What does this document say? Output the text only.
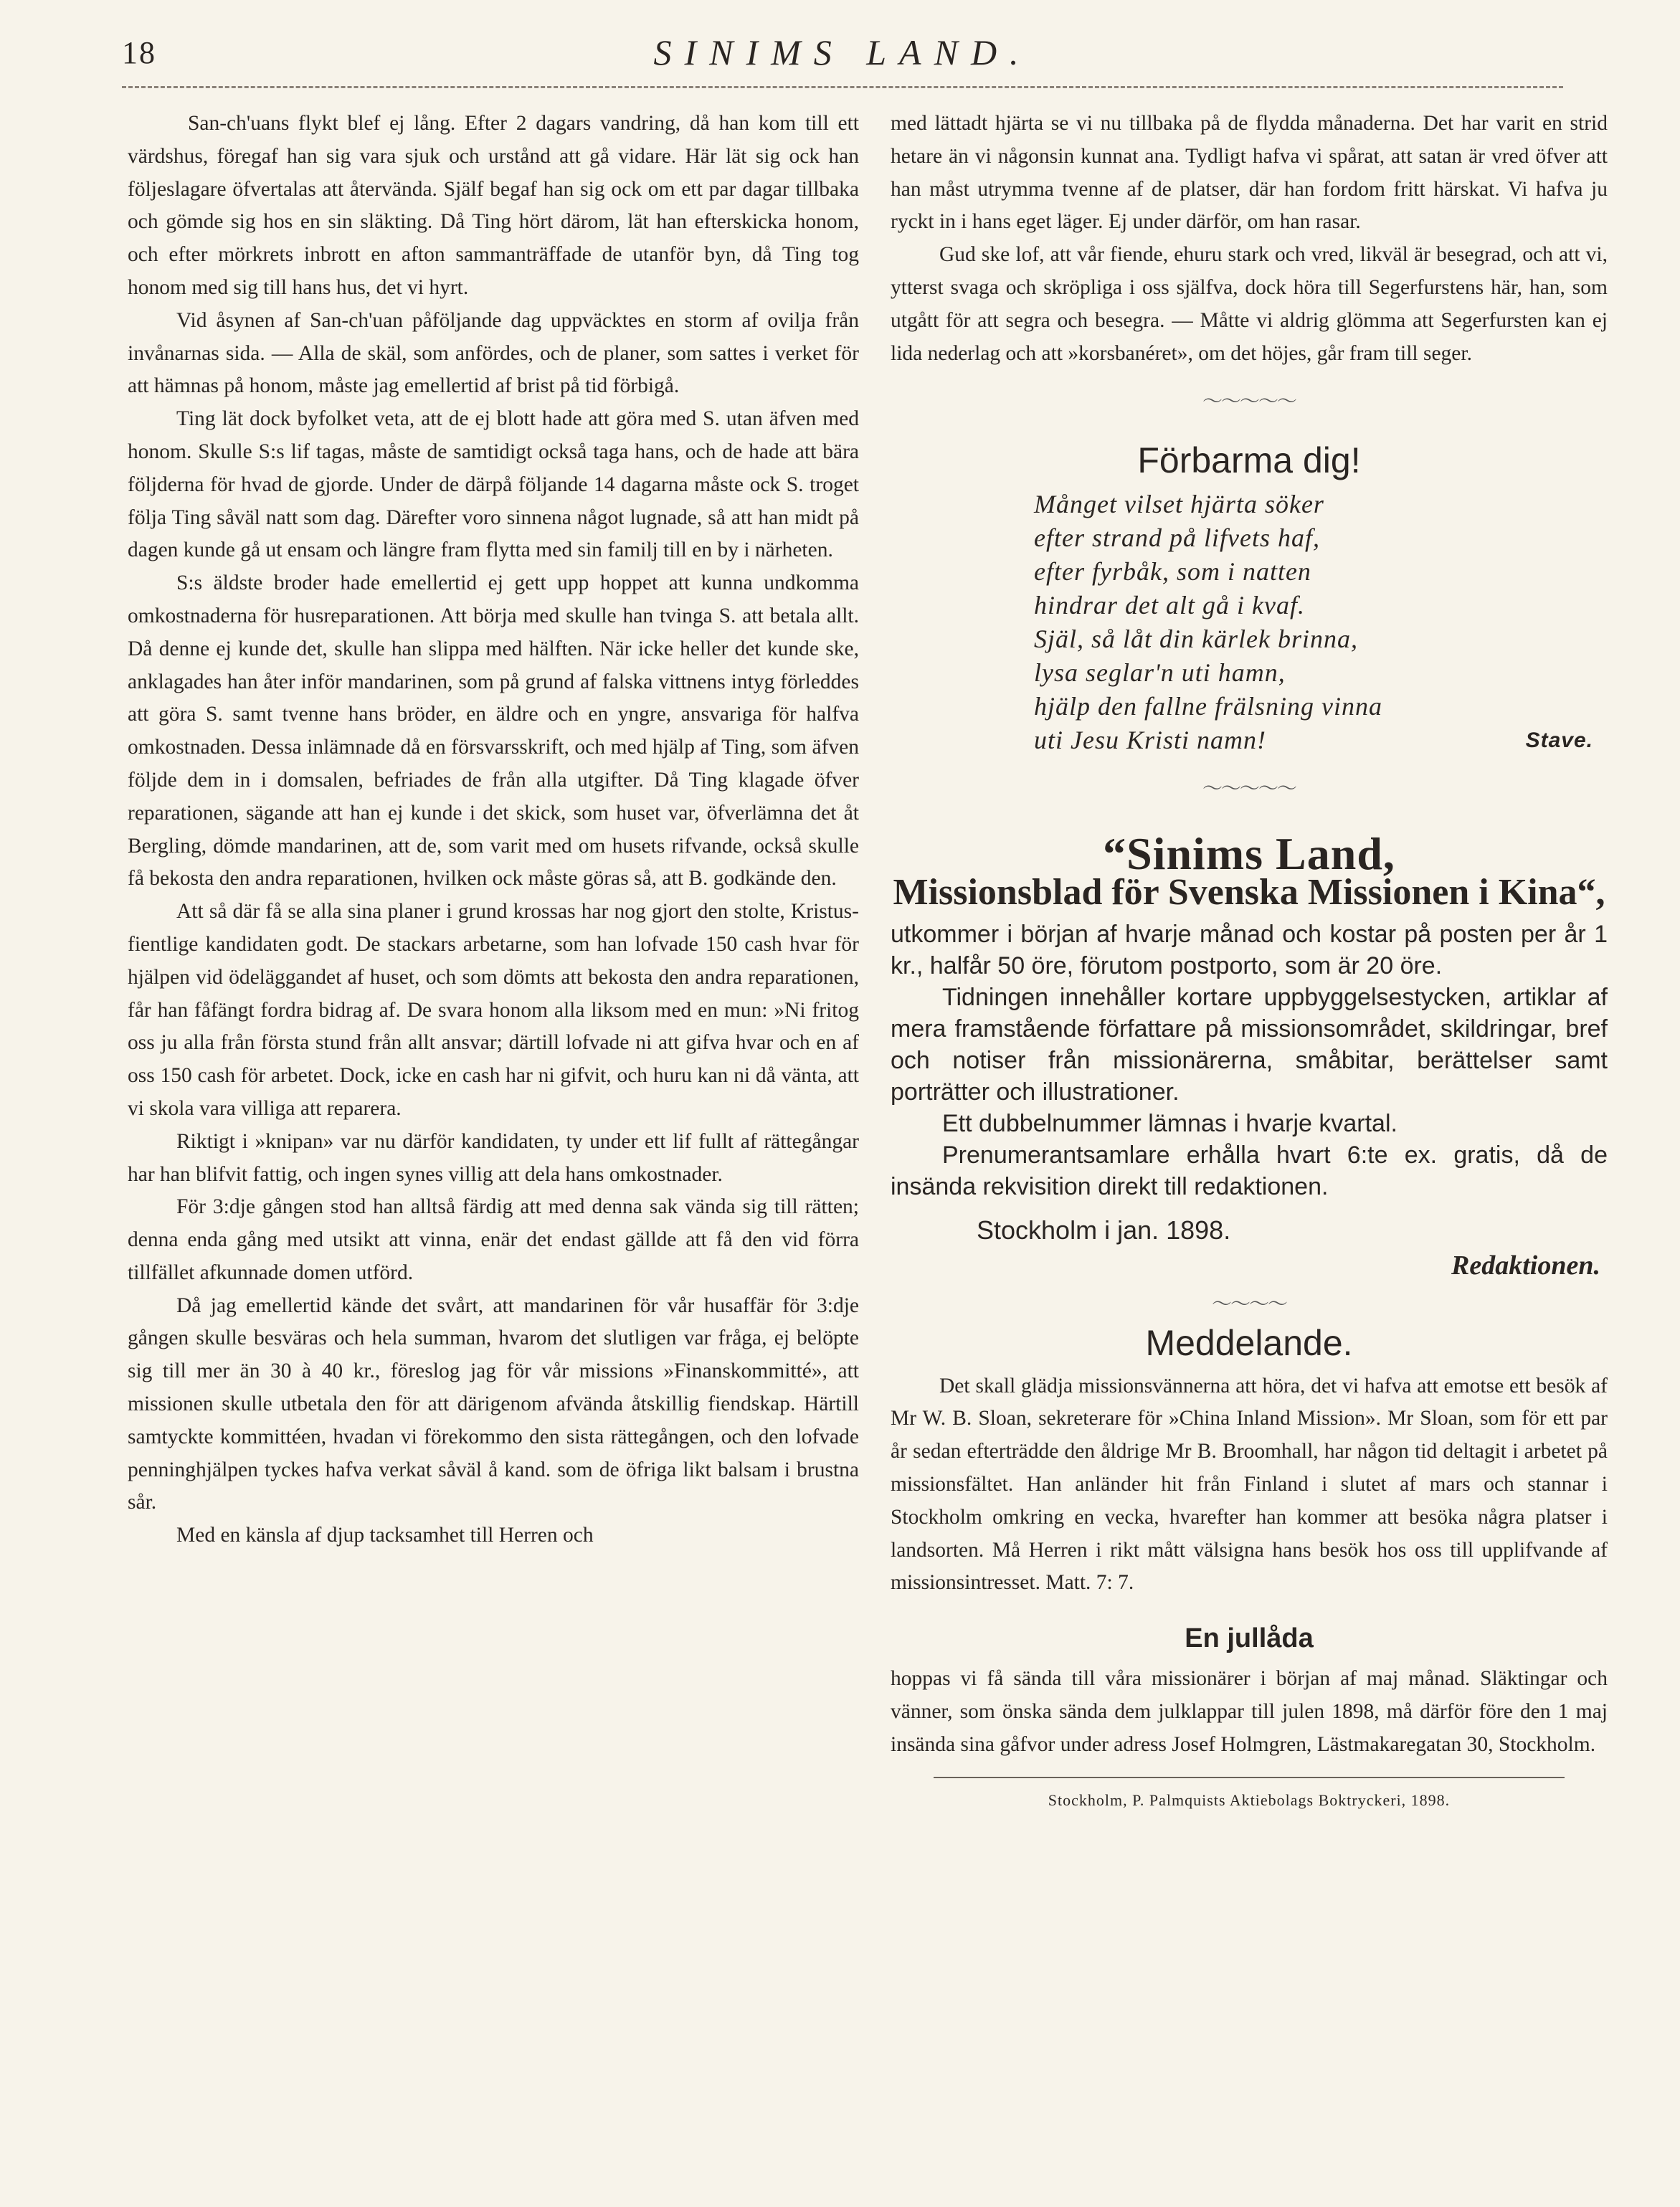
18	SINIMS LAND.

San-ch'uans flykt blef ej lång. Efter 2 dagars vandring, då han kom till ett värdshus, föregaf han sig vara sjuk och urstånd att gå vidare. Här lät sig ock han följeslagare öfvertalas att återvända. Själf begaf han sig ock om ett par dagar tillbaka och gömde sig hos en sin släkting. Då Ting hört därom, lät han efterskicka honom, och efter mörkrets inbrott en afton sammanträffade de utanför byn, då Ting tog honom med sig till hans hus, det vi hyrt.

Vid åsynen af San-ch'uan påföljande dag uppväcktes en storm af ovilja från invånarnas sida. — Alla de skäl, som anfördes, och de planer, som sattes i verket för att hämnas på honom, måste jag emellertid af brist på tid förbigå.

Ting lät dock byfolket veta, att de ej blott hade att göra med S. utan äfven med honom. Skulle S:s lif tagas, måste de samtidigt också taga hans, och de hade att bära följderna för hvad de gjorde. Under de därpå följande 14 dagarna måste ock S. troget följa Ting såväl natt som dag. Därefter voro sinnena något lugnade, så att han midt på dagen kunde gå ut ensam och längre fram flytta med sin familj till en by i närheten.

S:s äldste broder hade emellertid ej gett upp hoppet att kunna undkomma omkostnaderna för husreparationen. Att börja med skulle han tvinga S. att betala allt. Då denne ej kunde det, skulle han slippa med hälften. När icke heller det kunde ske, anklagades han åter inför mandarinen, som på grund af falska vittnens intyg förleddes att göra S. samt tvenne hans bröder, en äldre och en yngre, ansvariga för halfva omkostnaden. Dessa inlämnade då en försvarsskrift, och med hjälp af Ting, som äfven följde dem in i domsalen, befriades de från alla utgifter. Då Ting klagade öfver reparationen, sägande att han ej kunde i det skick, som huset var, öfverlämna det åt Bergling, dömde mandarinen, att de, som varit med om husets rifvande, också skulle få bekosta den andra reparationen, hvilken ock måste göras så, att B. godkände den.

Att så där få se alla sina planer i grund krossas har nog gjort den stolte, Kristus-fientlige kandidaten godt. De stackars arbetarne, som han lofvade 150 cash hvar för hjälpen vid ödeläggandet af huset, och som dömts att bekosta den andra reparationen, får han fåfängt fordra bidrag af. De svara honom alla liksom med en mun: »Ni fritog oss ju alla från första stund från allt ansvar; därtill lofvade ni att gifva hvar och en af oss 150 cash för arbetet. Dock, icke en cash har ni gifvit, och huru kan ni då vänta, att vi skola vara villiga att reparera.

Riktigt i »knipan» var nu därför kandidaten, ty under ett lif fullt af rättegångar har han blifvit fattig, och ingen synes villig att dela hans omkostnader.

För 3:dje gången stod han alltså färdig att med denna sak vända sig till rätten; denna enda gång med utsikt att vinna, enär det endast gällde att få den vid förra tillfället afkunnade domen utförd.

Då jag emellertid kände det svårt, att mandarinen för vår husaffär för 3:dje gången skulle besväras och hela summan, hvarom det slutligen var fråga, ej belöpte sig till mer än 30 à 40 kr., föreslog jag för vår missions »Finanskommitté», att missionen skulle utbetala den för att därigenom afvända åtskillig fiendskap. Härtill samtyckte kommittéen, hvadan vi förekommo den sista rättegången, och den lofvade penninghjälpen tyckes hafva verkat såväl å kand. som de öfriga likt balsam i brustna sår.

Med en känsla af djup tacksamhet till Herren och

med lättadt hjärta se vi nu tillbaka på de flydda månaderna. Det har varit en strid hetare än vi någonsin kunnat ana. Tydligt hafva vi spårat, att satan är vred öfver att han måst utrymma tvenne af de platser, där han fordom fritt härskat. Vi hafva ju ryckt in i hans eget läger. Ej under därför, om han rasar.

Gud ske lof, att vår fiende, ehuru stark och vred, likväl är besegrad, och att vi, ytterst svaga och skröpliga i oss själfva, dock höra till Segerfurstens här, han, som utgått för att segra och besegra. — Måtte vi aldrig glömma att Segerfursten kan ej lida nederlag och att »korsbanéret», om det höjes, går fram till seger.

～～～～～
Förbarma dig!
Månget vilset hjärta söker
efter strand på lifvets haf,
efter fyrbåk, som i natten
hindrar det alt gå i kvaf.
Själ, så låt din kärlek brinna,
lysa seglar'n uti hamn,
hjälp den fallne frälsning vinna
uti Jesu Kristi namn!	Stave.
～～～～～
“Sinims Land,
Missionsblad för Svenska Missionen i Kina“,

utkommer i början af hvarje månad och kostar på posten per år 1 kr., halfår 50 öre, förutom postporto, som är 20 öre.

Tidningen innehåller kortare uppbyggelsestycken, artiklar af mera framstående författare på missionsområdet, skildringar, bref och notiser från missionärerna, småbitar, berättelser samt porträtter och illustrationer.

Ett dubbelnummer lämnas i hvarje kvartal.

Prenumerantsamlare erhålla hvart 6:te ex. gratis, då de insända rekvisition direkt till redaktionen.

Stockholm i jan. 1898.
Redaktionen.
～～～～
Meddelande.

Det skall glädja missionsvännerna att höra, det vi hafva att emotse ett besök af Mr W. B. Sloan, sekreterare för »China Inland Mission». Mr Sloan, som för ett par år sedan efterträdde den åldrige Mr B. Broomhall, har någon tid deltagit i arbetet på missionsfältet. Han anländer hit från Finland i slutet af mars och stannar i Stockholm omkring en vecka, hvarefter han kommer att besöka några platser i landsorten. Må Herren i rikt mått välsigna hans besök hos oss till upplifvande af missionsintresset. Matt. 7: 7.

En jullåda

hoppas vi få sända till våra missionärer i början af maj månad. Släktingar och vänner, som önska sända dem julklappar till julen 1898, må därför före den 1 maj insända sina gåfvor under adress Josef Holmgren, Lästmakaregatan 30, Stockholm.

Stockholm, P. Palmquists Aktiebolags Boktryckeri, 1898.
